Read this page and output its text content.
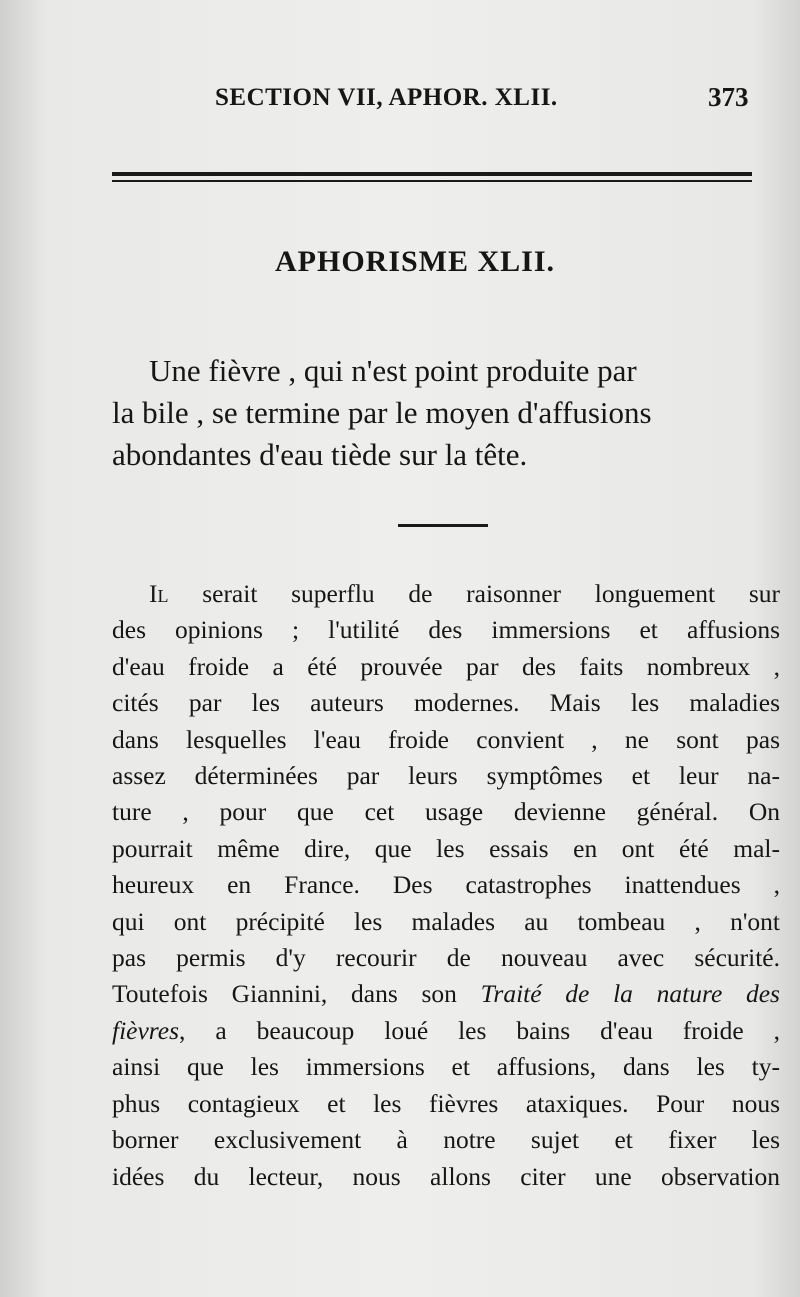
SECTION VII, APHOR. XLII.	373
APHORISME XLII.
Une fièvre , qui n'est point produite par
la bile , se termine par le moyen d'affusions
abondantes d'eau tiède sur la tête.
Il serait superflu de raisonner longuement sur
des opinions ; l'utilité des immersions et affusions
d'eau froide a été prouvée par des faits nombreux ,
cités par les auteurs modernes. Mais les maladies
dans lesquelles l'eau froide convient , ne sont pas
assez déterminées par leurs symptômes et leur na-
ture , pour que cet usage devienne général. On
pourrait même dire, que les essais en ont été mal-
heureux en France. Des catastrophes inattendues ,
qui ont précipité les malades au tombeau , n'ont
pas permis d'y recourir de nouveau avec sécurité.
Toutefois Giannini, dans son Traité de la nature des
fièvres, a beaucoup loué les bains d'eau froide ,
ainsi que les immersions et affusions, dans les ty-
phus contagieux et les fièvres ataxiques. Pour nous
borner exclusivement à notre sujet et fixer les
idées du lecteur, nous allons citer une observation
